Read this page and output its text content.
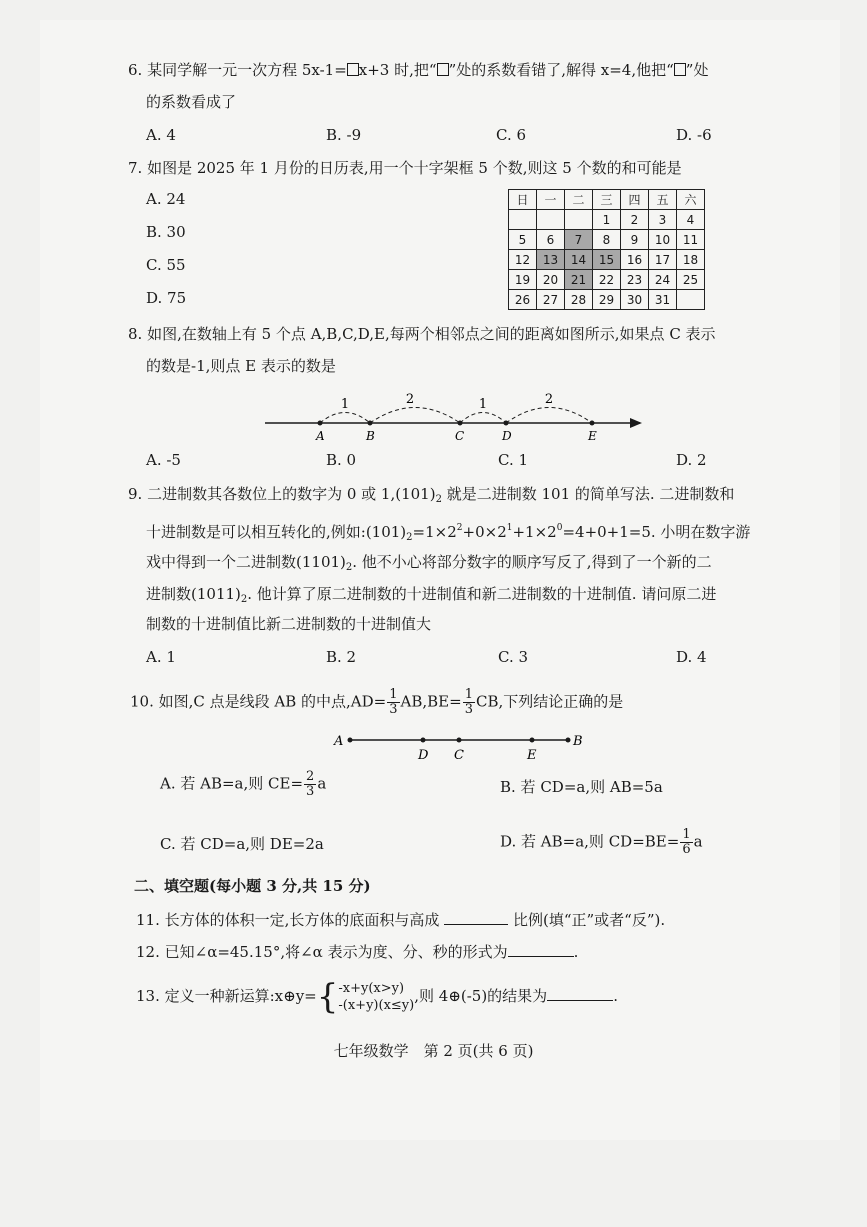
6. 某同学解一元一次方程 5x-1= x+3 时,把“ ”处的系数看错了,解得 x=4,他把“ ”处
的系数看成了
A. 4	B. -9	C. 6	D. -6
7. 如图是 2025 年 1 月份的日历表,用一个十字架框 5 个数,则这 5 个数的和可能是
A. 24
B. 30
C. 55
D. 75
日	一	二	三	四	五	六
			1	2	3	4
5	6	7	8	9	10	11
12	13	14	15	16	17	18
19	20	21	22	23	24	25
26	27	28	29	30	31	
8. 如图,在数轴上有 5 个点 A,B,C,D,E,每两个相邻点之间的距离如图所示,如果点 C 表示
的数是-1,则点 E 表示的数是
1	2	1	2
A	B	C	D	E
A. -5	B. 0	C. 1	D. 2
9. 二进制数其各数位上的数字为 0 或 $1,(101)_2$ 就是二进制数 101 的简单写法. 二进制数和
十进制数是可以相互转化的,例如$:(101)_2=1\times 2^2+0\times 2^1+1\times 2^0=4+0+1=5$. 小明在数字游
戏中得到一个二进制数$(1101)_2$. 他不小心将部分数字的顺序写反了,得到了一个新的二
进制数$(1011)_2$. 他计算了原二进制数的十进制值和新二进制数的十进制值. 请问原二进
制数的十进制值比新二进制数的十进制值大
A. 1	B. 2	C. 3	D. 4
10. 如图,C 点是线段 AB 的中点$,AD= \frac{1}{3} AB,BE= \frac{1}{3}$ CB,下列结论正确的是
A
D C	E
B
A. 若 AB=a,则 $CE= \frac{2}{3}$ a	B. 若 CD=a,则 AB=5a
C. 若 CD=a,则 DE=2a	D. 若 AB=a,则 $CD=BE= \frac{1}{6}$ a
二、填空题(每小题 3 分,共 15 分)
11. 长方体的体积一定,长方体的底面积与高成	比例(填“正”或者“反”).
12. 已知∠α=45.15°,将∠α 表示为度、分、秒的形式为	.
13. 定义一种新运算:x⊕y={ -x+y(x>y)
-(x+y)(x≤y)
,则 4⊕(-5)的结果为	.
七年级数学　第 2 页(共 6 页)
